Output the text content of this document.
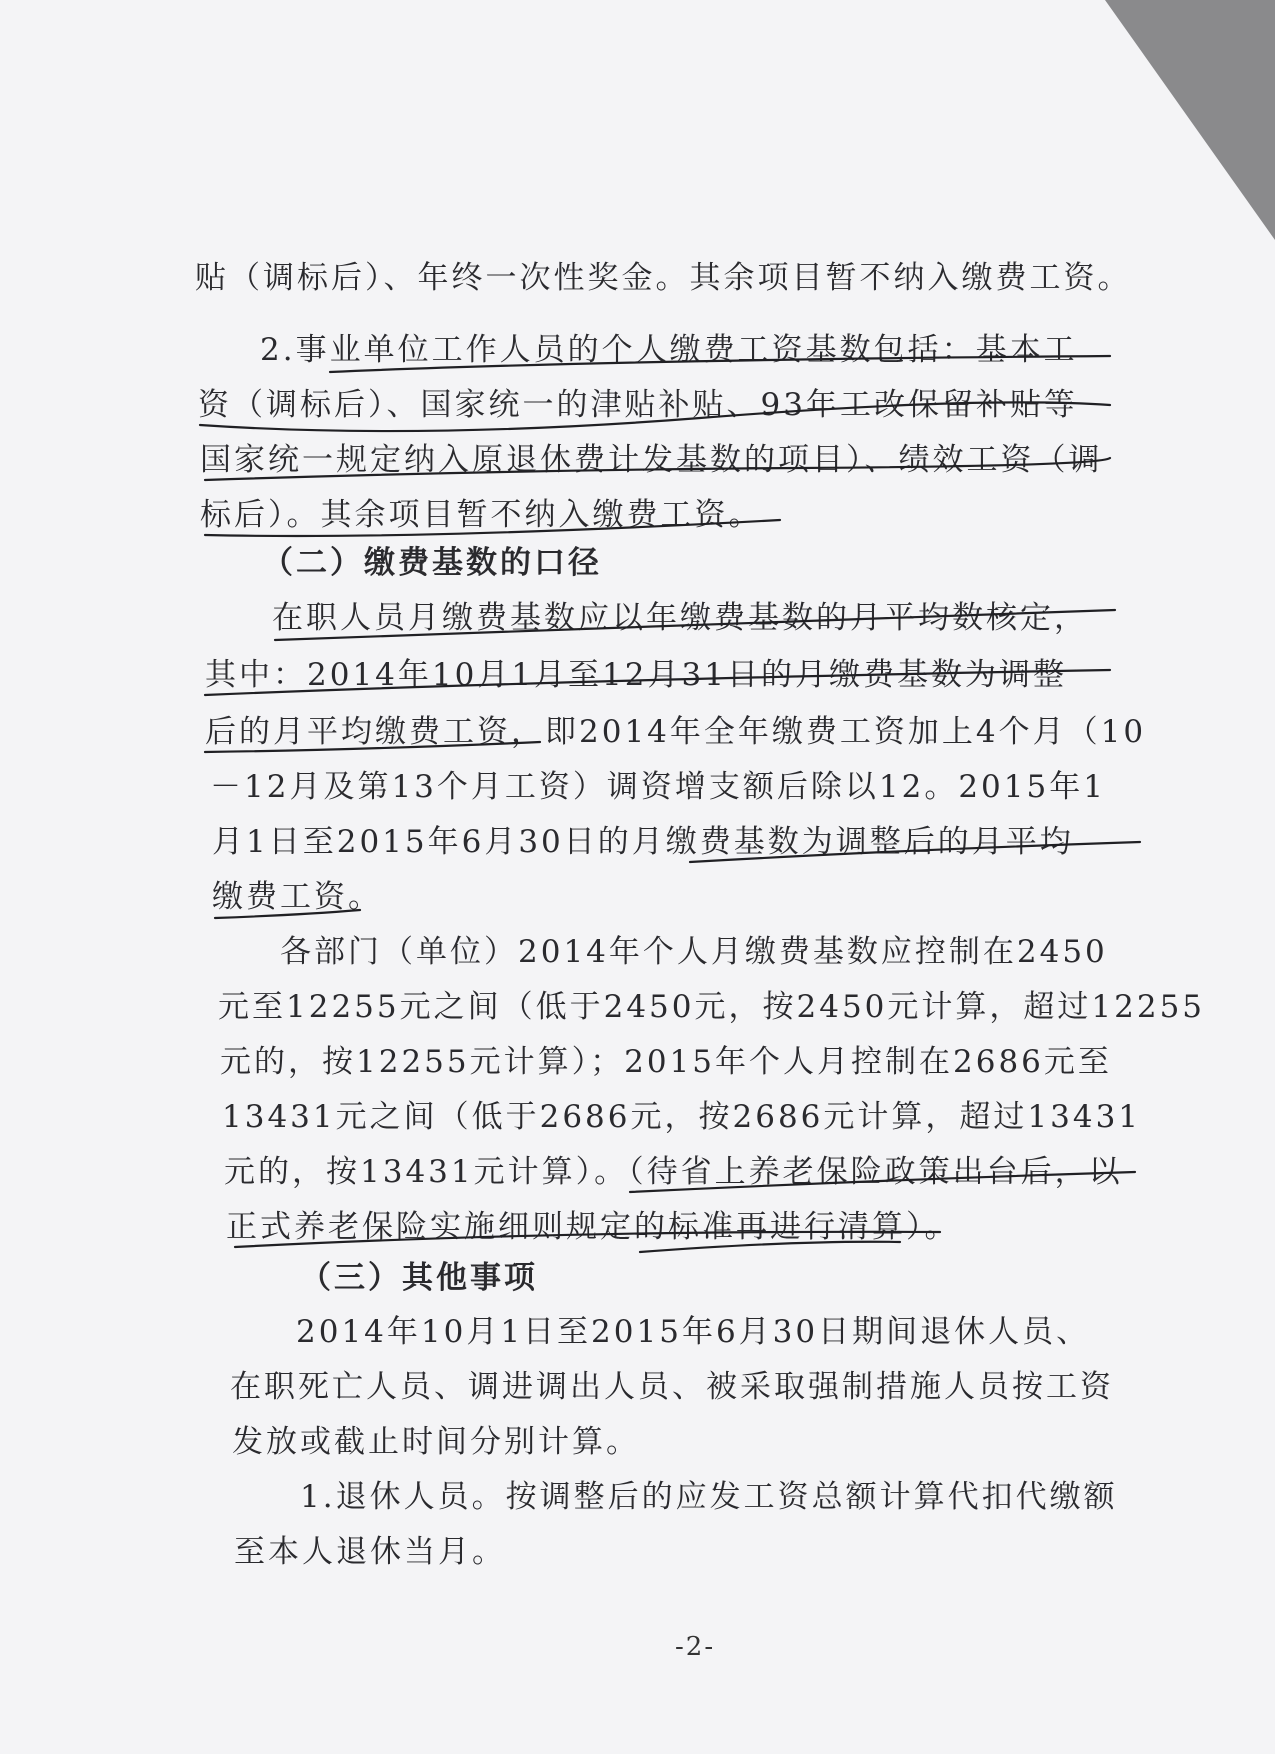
贴（调标后）、年终一次性奖金。其余项目暂不纳入缴费工资。
2.事业单位工作人员的个人缴费工资基数包括：基本工
资（调标后）、国家统一的津贴补贴、93年工改保留补贴等
国家统一规定纳入原退休费计发基数的项目）、绩效工资（调
标后）。其余项目暂不纳入缴费工资。
（二）缴费基数的口径
在职人员月缴费基数应以年缴费基数的月平均数核定，
其中：2014年10月1月至12月31日的月缴费基数为调整
后的月平均缴费工资，即2014年全年缴费工资加上4个月（10
－12月及第13个月工资）调资增支额后除以12。2015年1
月1日至2015年6月30日的月缴费基数为调整后的月平均
缴费工资。
各部门（单位）2014年个人月缴费基数应控制在2450
元至12255元之间（低于2450元，按2450元计算，超过12255
元的，按12255元计算）；2015年个人月控制在2686元至
13431元之间（低于2686元，按2686元计算，超过13431
元的，按13431元计算）。（待省上养老保险政策出台后，以
正式养老保险实施细则规定的标准再进行清算）。
（三）其他事项
2014年10月1日至2015年6月30日期间退休人员、
在职死亡人员、调进调出人员、被采取强制措施人员按工资
发放或截止时间分别计算。
1.退休人员。按调整后的应发工资总额计算代扣代缴额
至本人退休当月。
-2-
